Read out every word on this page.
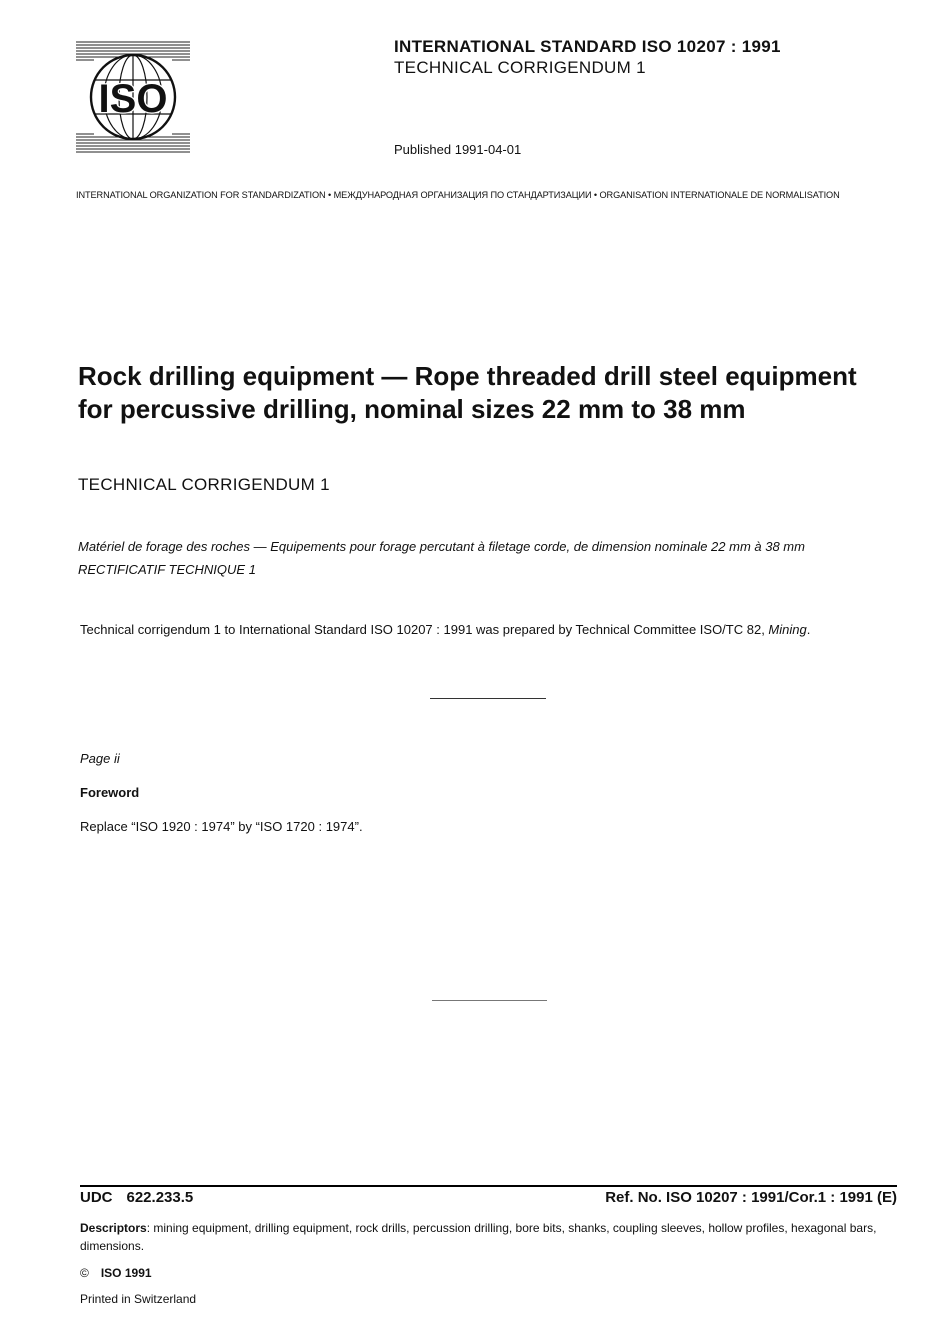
ISO
INTERNATIONAL STANDARD ISO 10207 : 1991
TECHNICAL CORRIGENDUM 1
Published 1991-04-01
INTERNATIONAL ORGANIZATION FOR STANDARDIZATION • МЕЖДУНАРОДНАЯ ОРГАНИЗАЦИЯ ПО СТАНДАРТИЗАЦИИ • ORGANISATION INTERNATIONALE DE NORMALISATION
Rock drilling equipment — Rope threaded drill steel equipment for percussive drilling, nominal sizes 22 mm to 38 mm
TECHNICAL CORRIGENDUM 1
Matériel de forage des roches — Equipements pour forage percutant à filetage corde, de dimension nominale 22 mm à 38 mm
RECTIFICATIF TECHNIQUE 1
Technical corrigendum 1 to International Standard ISO 10207 : 1991 was prepared by Technical Committee ISO/TC 82, Mining.
Page ii
Foreword
Replace “ISO 1920 : 1974” by “ISO 1720 : 1974”.
UDC 622.233.5	Ref. No. ISO 10207 : 1991/Cor.1 : 1991 (E)
Descriptors: mining equipment, drilling equipment, rock drills, percussion drilling, bore bits, shanks, coupling sleeves, hollow profiles, hexagonal bars, dimensions.
© ISO 1991
Printed in Switzerland
